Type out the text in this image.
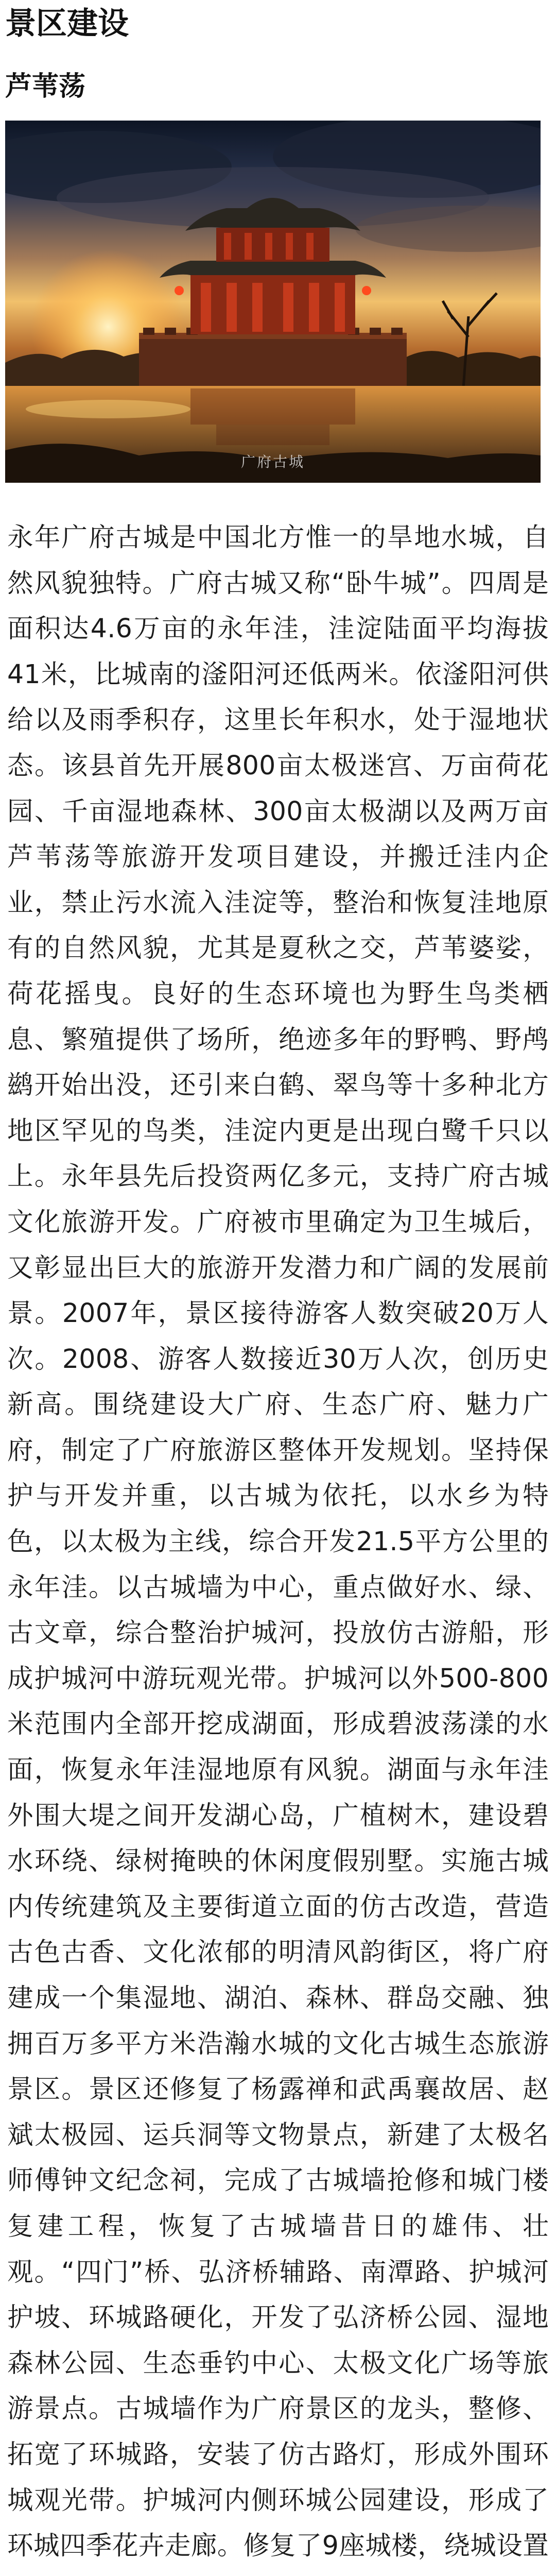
景区建设
芦苇荡
广府古城

永年广府古城是中国北方惟一的旱地水城，自然风貌独特。广府古城又称“卧牛城”。四周是面积达4.6万亩的永年洼，洼淀陆面平均海拔41米，比城南的滏阳河还低两米。依滏阳河供给以及雨季积存，这里长年积水，处于湿地状态。该县首先开展800亩太极迷宫、万亩荷花园、千亩湿地森林、300亩太极湖以及两万亩芦苇荡等旅游开发项目建设，并搬迁洼内企业，禁止污水流入洼淀等，整治和恢复洼地原有的自然风貌，尤其是夏秋之交，芦苇婆娑，荷花摇曳。良好的生态环境也为野生鸟类栖息、繁殖提供了场所，绝迹多年的野鸭、野鸬鹚开始出没，还引来白鹤、翠鸟等十多种北方地区罕见的鸟类，洼淀内更是出现白鹭千只以上。永年县先后投资两亿多元，支持广府古城文化旅游开发。广府被市里确定为卫生城后，又彰显出巨大的旅游开发潜力和广阔的发展前景。2007年，景区接待游客人数突破20万人次。2008、游客人数接近30万人次，创历史新高。围绕建设大广府、生态广府、魅力广府，制定了广府旅游区整体开发规划。坚持保护与开发并重，以古城为依托，以水乡为特色，以太极为主线，综合开发21.5平方公里的永年洼。以古城墙为中心，重点做好水、绿、古文章，综合整治护城河，投放仿古游船，形成护城河中游玩观光带。护城河以外500-800米范围内全部开挖成湖面，形成碧波荡漾的水面，恢复永年洼湿地原有风貌。湖面与永年洼外围大堤之间开发湖心岛，广植树木，建设碧水环绕、绿树掩映的休闲度假别墅。实施古城内传统建筑及主要街道立面的仿古改造，营造古色古香、文化浓郁的明清风韵街区，将广府建成一个集湿地、湖泊、森林、群岛交融、独拥百万多平方米浩瀚水城的文化古城生态旅游景区。景区还修复了杨露禅和武禹襄故居、赵斌太极园、运兵洞等文物景点，新建了太极名师傅钟文纪念祠，完成了古城墙抢修和城门楼复建工程，恢复了古城墙昔日的雄伟、壮观。“四门”桥、弘济桥辅路、南潭路、护城河护坡、环城路硬化，开发了弘济桥公园、湿地森林公园、生态垂钓中心、太极文化广场等旅游景点。古城墙作为广府景区的龙头，整修、拓宽了环城路，安装了仿古路灯，形成外围环城观光带。护城河内侧环城公园建设，形成了环城四季花卉走廊。修复了9座城楼，绕城设置
